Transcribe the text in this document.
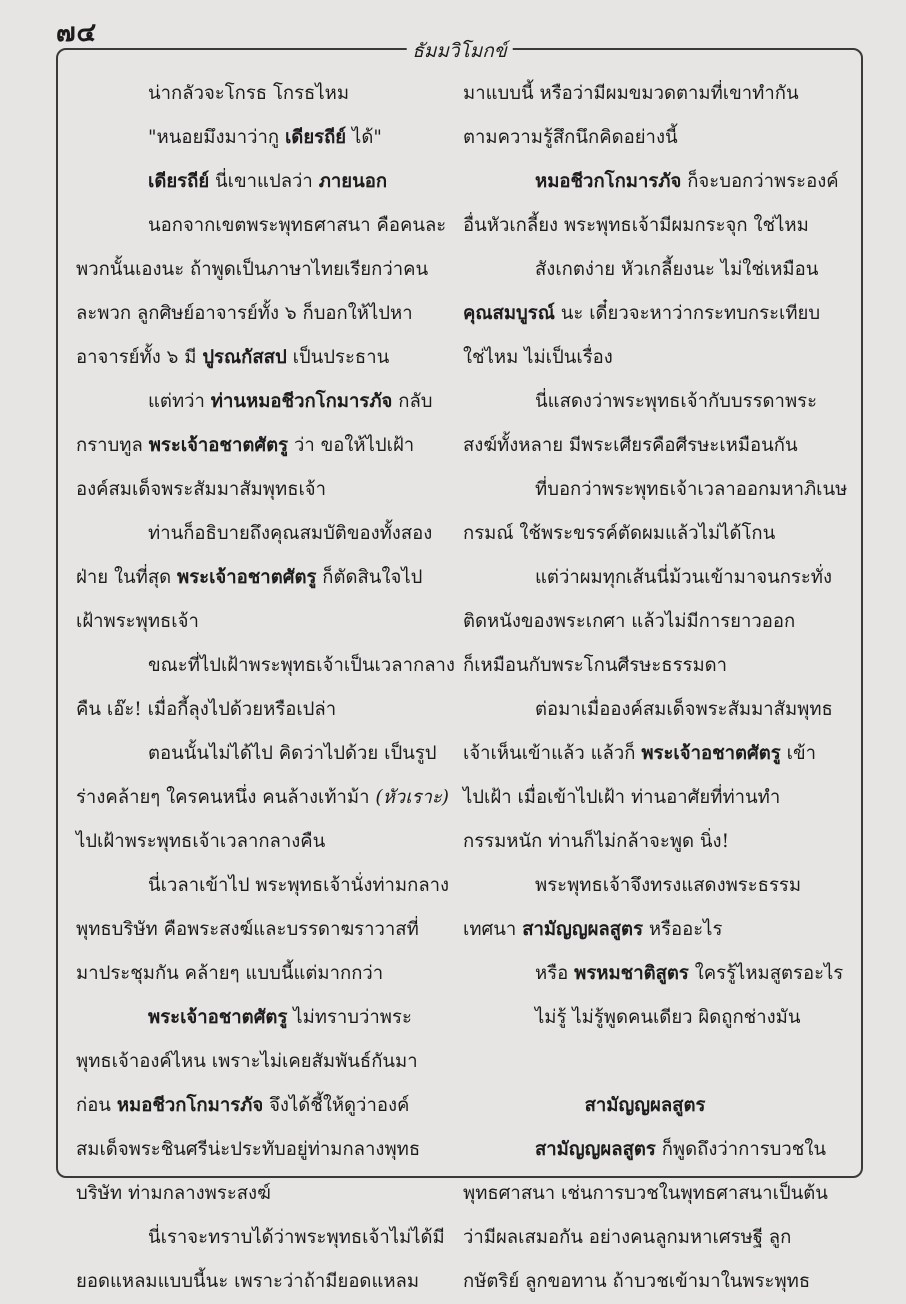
๗๔
ธัมมวิโมกข์
น่ากลัวจะโกรธ โกรธไหม
"หนอยมึงมาว่ากู เดียรถีย์ ได้"
เดียรถีย์ นี่เขาแปลว่า ภายนอก
นอกจากเขตพระพุทธศาสนา คือคนละ
พวกนั้นเองนะ ถ้าพูดเป็นภาษาไทยเรียกว่าคน
ละพวก ลูกศิษย์อาจารย์ทั้ง ๖ ก็บอกให้ไปหา
อาจารย์ทั้ง ๖ มี ปูรณกัสสป เป็นประธาน
แต่ทว่า ท่านหมอชีวกโกมารภัจ กลับ
กราบทูล พระเจ้าอชาตศัตรู ว่า ขอให้ไปเฝ้า
องค์สมเด็จพระสัมมาสัมพุทธเจ้า
ท่านก็อธิบายถึงคุณสมบัติของทั้งสอง
ฝ่าย ในที่สุด พระเจ้าอชาตศัตรู ก็ตัดสินใจไป
เฝ้าพระพุทธเจ้า
ขณะที่ไปเฝ้าพระพุทธเจ้าเป็นเวลากลาง
คืน เอ๊ะ! เมื่อกี้ลุงไปด้วยหรือเปล่า
ตอนนั้นไม่ได้ไป คิดว่าไปด้วย เป็นรูป
ร่างคล้ายๆ ใครคนหนึ่ง คนล้างเท้าม้า (หัวเราะ)
ไปเฝ้าพระพุทธเจ้าเวลากลางคืน
นี่เวลาเข้าไป พระพุทธเจ้านั่งท่ามกลาง
พุทธบริษัท คือพระสงฆ์และบรรดาฆราวาสที่
มาประชุมกัน คล้ายๆ แบบนี้แต่มากกว่า
พระเจ้าอชาตศัตรู ไม่ทราบว่าพระ
พุทธเจ้าองค์ไหน เพราะไม่เคยสัมพันธ์กันมา
ก่อน หมอชีวกโกมารภัจ จึงได้ชี้ให้ดูว่าองค์
สมเด็จพระชินศรีน่ะประทับอยู่ท่ามกลางพุทธ
บริษัท ท่ามกลางพระสงฆ์
นี่เราจะทราบได้ว่าพระพุทธเจ้าไม่ได้มี
ยอดแหลมแบบนี้นะ เพราะว่าถ้ามียอดแหลม
มาแบบนี้ หรือว่ามีผมขมวดตามที่เขาทำกัน
ตามความรู้สึกนึกคิดอย่างนี้
หมอชีวกโกมารภัจ ก็จะบอกว่าพระองค์
อื่นหัวเกลี้ยง พระพุทธเจ้ามีผมกระจุก ใช่ไหม
สังเกตง่าย หัวเกลี้ยงนะ ไม่ใช่เหมือน
คุณสมบูรณ์ นะ เดี๋ยวจะหาว่ากระทบกระเทียบ
ใช่ไหม ไม่เป็นเรื่อง
นี่แสดงว่าพระพุทธเจ้ากับบรรดาพระ
สงฆ์ทั้งหลาย มีพระเศียรคือศีรษะเหมือนกัน
ที่บอกว่าพระพุทธเจ้าเวลาออกมหาภิเนษ
กรมณ์ ใช้พระขรรค์ตัดผมแล้วไม่ได้โกน
แต่ว่าผมทุกเส้นนี่ม้วนเข้ามาจนกระทั่ง
ติดหนังของพระเกศา แล้วไม่มีการยาวออก
ก็เหมือนกับพระโกนศีรษะธรรมดา
ต่อมาเมื่อองค์สมเด็จพระสัมมาสัมพุทธ
เจ้าเห็นเข้าแล้ว แล้วก็ พระเจ้าอชาตศัตรู เข้า
ไปเฝ้า เมื่อเข้าไปเฝ้า ท่านอาศัยที่ท่านทำ
กรรมหนัก ท่านก็ไม่กล้าจะพูด นิ่ง!
พระพุทธเจ้าจึงทรงแสดงพระธรรม
เทศนา สามัญญผลสูตร หรืออะไร
หรือ พรหมชาติสูตร ใครรู้ไหมสูตรอะไร
ไม่รู้ ไม่รู้พูดคนเดียว ผิดถูกช่างมัน
สามัญญผลสูตร
สามัญญผลสูตร ก็พูดถึงว่าการบวชใน
พุทธศาสนา เช่นการบวชในพุทธศาสนาเป็นต้น
ว่ามีผลเสมอกัน อย่างคนลูกมหาเศรษฐี ลูก
กษัตริย์ ลูกขอทาน ถ้าบวชเข้ามาในพระพุทธ
